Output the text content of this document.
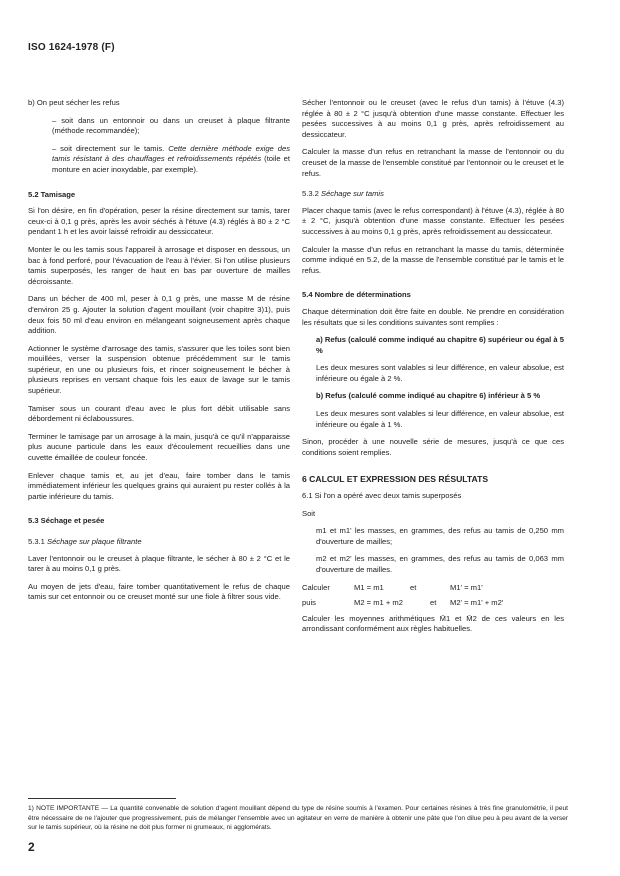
ISO 1624-1978 (F)

b) On peut sécher les refus

– soit dans un entonnoir ou dans un creuset à plaque filtrante (méthode recommandée);

– soit directement sur le tamis. Cette dernière méthode exige des tamis résistant à des chauffages et refroidissements répétés (toile et monture en acier inoxydable, par exemple).

5.2 Tamisage

Si l'on désire, en fin d'opération, peser la résine directement sur tamis, tarer ceux-ci à 0,1 g près, après les avoir séchés à l'étuve (4.3) réglés à 80 ± 2 °C pendant 1 h et les avoir laissé refroidir au dessiccateur.

Monter le ou les tamis sous l'appareil à arrosage et disposer en dessous, un bac à fond perforé, pour l'évacuation de l'eau à l'évier. Si l'on utilise plusieurs tamis superposés, les ranger de haut en bas par ouverture de mailles décroissante.

Dans un bécher de 400 ml, peser à 0,1 g près, une masse M de résine d'environ 25 g. Ajouter la solution d'agent mouillant (voir chapitre 3)1), puis deux fois 50 ml d'eau environ en mélangeant soigneusement après chaque addition.

Actionner le système d'arrosage des tamis, s'assurer que les toiles sont bien mouillées, verser la suspension obtenue précédemment sur le tamis supérieur, en une ou plusieurs fois, et rincer soigneusement le bécher à plusieurs reprises en versant chaque fois les eaux de lavage sur le tamis supérieur.

Tamiser sous un courant d'eau avec le plus fort débit utilisable sans débordement ni éclaboussures.

Terminer le tamisage par un arrosage à la main, jusqu'à ce qu'il n'apparaisse plus aucune particule dans les eaux d'écoulement recueillies dans une cuvette émaillée de couleur foncée.

Enlever chaque tamis et, au jet d'eau, faire tomber dans le tamis immédiatement inférieur les quelques grains qui auraient pu rester collés à la partie inférieure du tamis.

5.3 Séchage et pesée
5.3.1 Séchage sur plaque filtrante

Laver l'entonnoir ou le creuset à plaque filtrante, le sécher à 80 ± 2 °C et le tarer à au moins 0,1 g près.

Au moyen de jets d'eau, faire tomber quantitativement le refus de chaque tamis sur cet entonnoir ou ce creuset monté sur une fiole à filtrer sous vide.

Sécher l'entonnoir ou le creuset (avec le refus d'un tamis) à l'étuve (4.3) réglée à 80 ± 2 °C jusqu'à obtention d'une masse constante. Effectuer les pesées successives à au moins 0,1 g près, après refroidissement au dessiccateur.

Calculer la masse d'un refus en retranchant la masse de l'entonnoir ou du creuset de la masse de l'ensemble constitué par l'entonnoir ou le creuset et le refus.

5.3.2 Séchage sur tamis

Placer chaque tamis (avec le refus correspondant) à l'étuve (4.3), réglée à 80 ± 2 °C, jusqu'à obtention d'une masse constante. Effectuer les pesées successives à au moins 0,1 g près, après refroidissement au dessiccateur.

Calculer la masse d'un refus en retranchant la masse du tamis, déterminée comme indiqué en 5.2, de la masse de l'ensemble constitué par le tamis et le refus.

5.4 Nombre de déterminations

Chaque détermination doit être faite en double. Ne prendre en considération les résultats que si les conditions suivantes sont remplies :

a) Refus (calculé comme indiqué au chapitre 6) supérieur ou égal à 5 %

Les deux mesures sont valables si leur différence, en valeur absolue, est inférieure ou égale à 2 %.

b) Refus (calculé comme indiqué au chapitre 6) inférieur à 5 %

Les deux mesures sont valables si leur différence, en valeur absolue, est inférieure ou égale à 1 %.

Sinon, procéder à une nouvelle série de mesures, jusqu'à ce que ces conditions soient remplies.

6 CALCUL ET EXPRESSION DES RÉSULTATS

6.1 Si l'on a opéré avec deux tamis superposés

Soit

m1 et m1' les masses, en grammes, des refus au tamis de 0,250 mm d'ouverture de mailles;

m2 et m2' les masses, en grammes, des refus au tamis de 0,063 mm d'ouverture de mailles.

Calculer	M1 = m1	et	M1' = m1'
puis	M2 = m1 + m2	et	M2' = m1' + m2'

Calculer les moyennes arithmétiques M̄1 et M̄2 de ces valeurs en les arrondissant conformément aux règles habituelles.

1) NOTE IMPORTANTE — La quantité convenable de solution d'agent mouillant dépend du type de résine soumis à l'examen. Pour certaines résines à très fine granulométrie, il peut être nécessaire de ne l'ajouter que progressivement, puis de mélanger l'ensemble avec un agitateur en verre de manière à obtenir une pâte que l'on dilue peu à peu avant de la verser sur le tamis supérieur, où la résine ne doit plus former ni grumeaux, ni agglomérats.
2
